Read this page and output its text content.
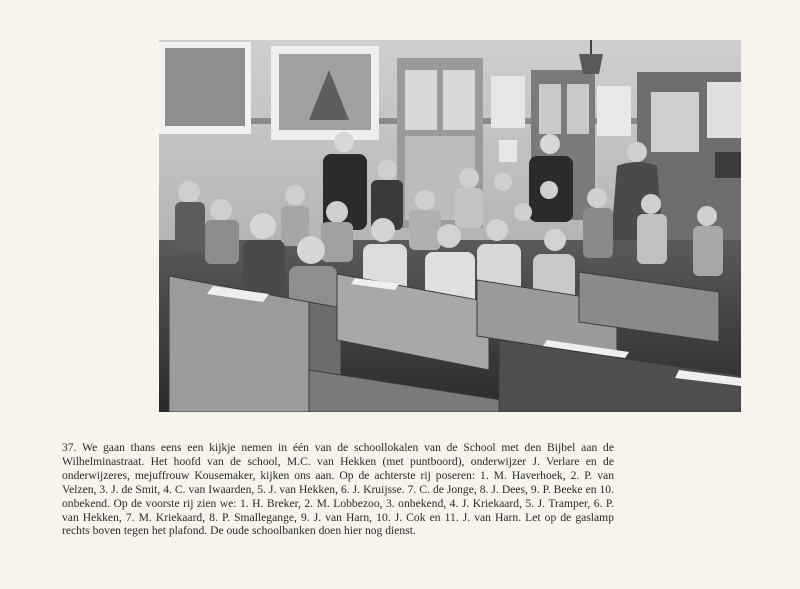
37. We gaan thans eens een kijkje nemen in één van de schoollokalen van de School met den Bijbel aan de Wilhelminastraat. Het hoofd van de school, M.C. van Hekken (met puntboord), onderwijzer J. Verlare en de onderwijzeres, mejuffrouw Kousemaker, kijken ons aan. Op de achterste rij poseren: 1. M. Haverhoek, 2. P. van Velzen, 3. J. de Smit, 4. C. van Iwaarden, 5. J. van Hekken, 6. J. Kruijsse. 7. C. de Jonge, 8. J. Dees, 9. P. Beeke en 10. onbekend. Op de voorste rij zien we: 1. H. Breker, 2. M. Lobbezoo, 3. onbekend, 4. J. Kriekaard, 5. J. Tramper, 6. P. van Hekken, 7. M. Kriekaard, 8. P. Smallegange, 9. J. van Harn, 10. J. Cok en 11. J. van Harn. Let op de gaslamp rechts boven tegen het plafond. De oude schoolbanken doen hier nog dienst.
